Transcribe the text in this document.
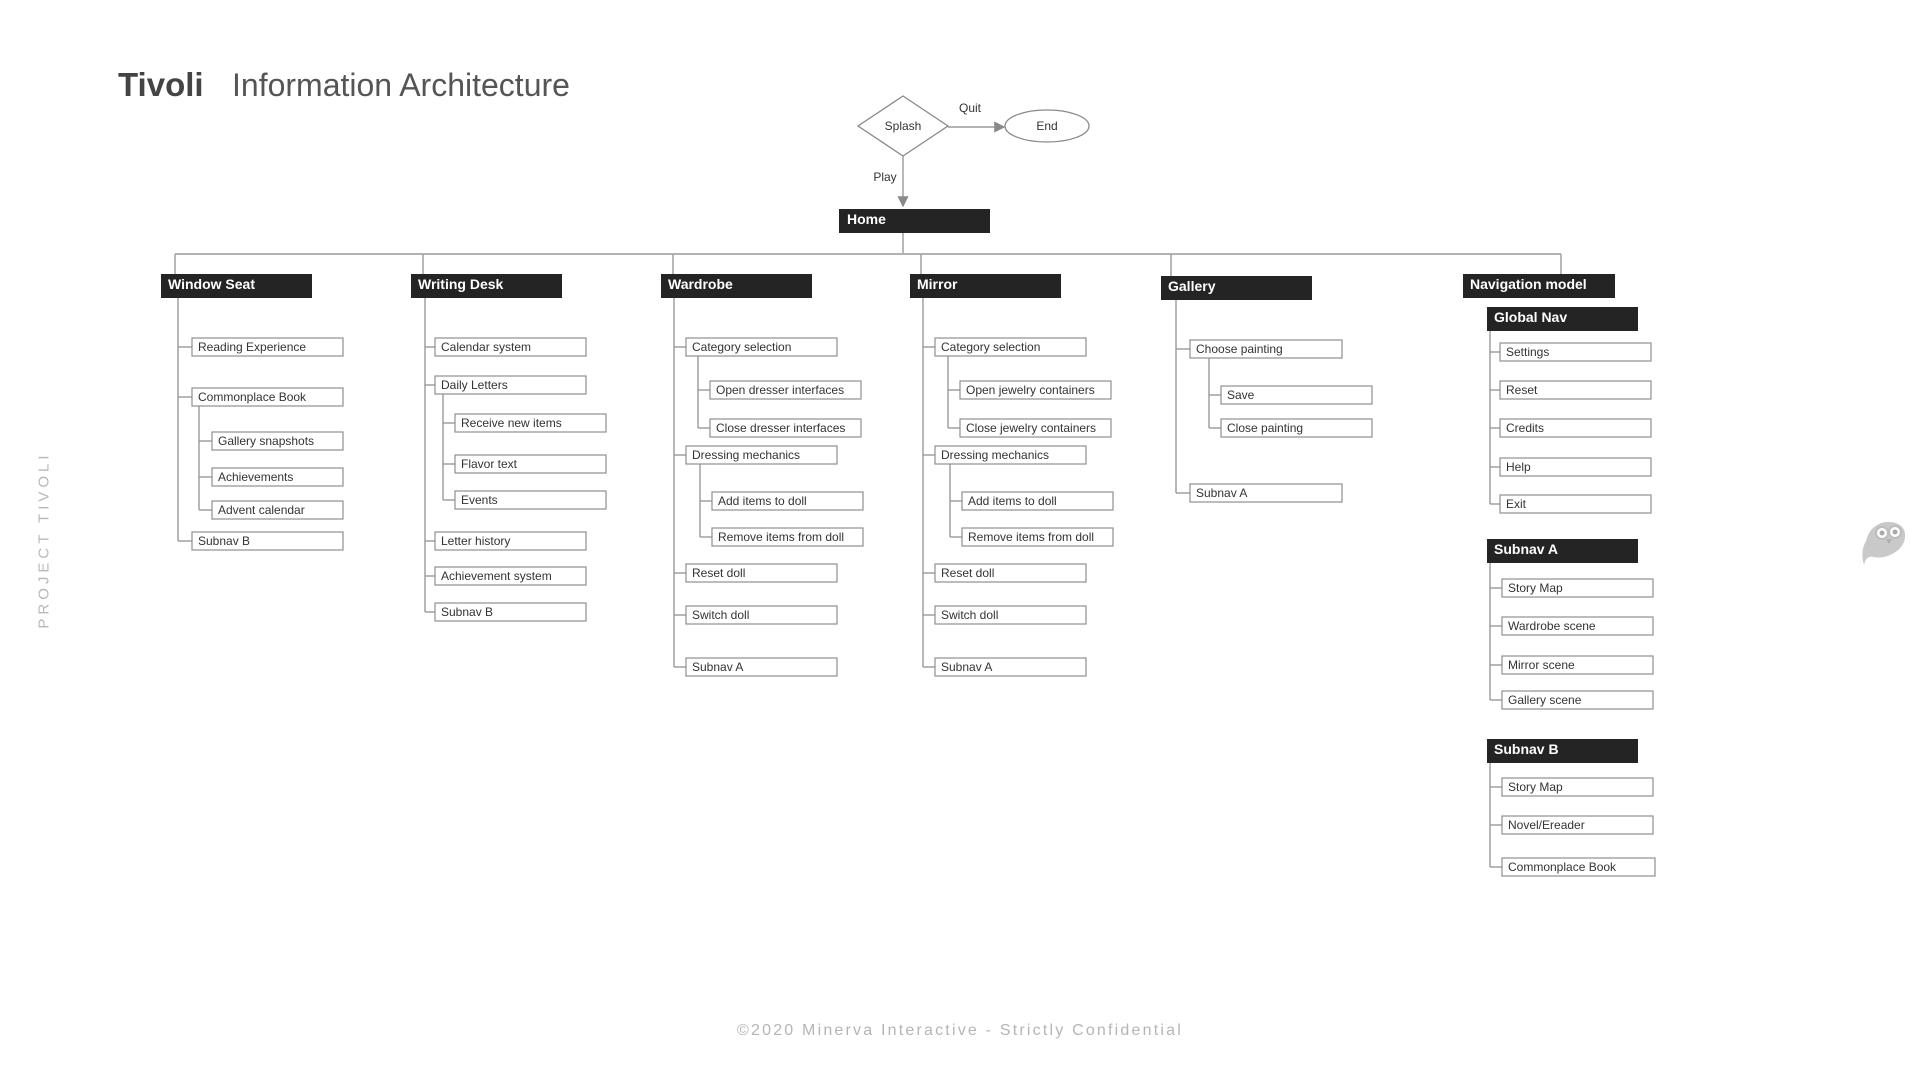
Tivoli Information Architecture
PROJECT TIVOLI
©2020 Minerva Interactive - Strictly Confidential
Splash
Quit
End
Play
Home
Window Seat
Reading Experience
Commonplace Book
Gallery snapshots
Achievements
Advent calendar
Subnav B
Writing Desk
Calendar system
Daily Letters
Receive new items
Flavor text
Events
Letter history
Achievement system
Subnav B
Wardrobe
Category selection
Open dresser interfaces
Close dresser interfaces
Dressing mechanics
Add items to doll
Remove items from doll
Reset doll
Switch doll
Subnav A
Mirror
Category selection
Open jewelry containers
Close jewelry containers
Dressing mechanics
Add items to doll
Remove items from doll
Reset doll
Switch doll
Subnav A
Gallery
Choose painting
Save
Close painting
Subnav A
Navigation model
Global Nav
Settings
Reset
Credits
Help
Exit
Subnav A
Story Map
Wardrobe scene
Mirror scene
Gallery scene
Subnav B
Story Map
Novel/Ereader
Commonplace Book
